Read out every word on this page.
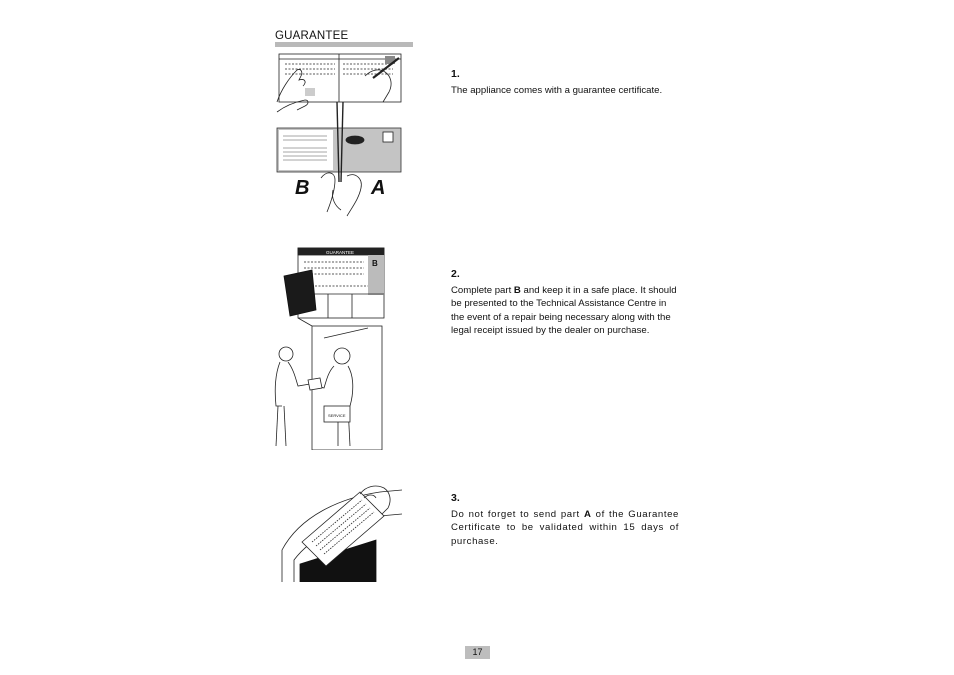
GUARANTEE
B	A
GUARANTEE
B
SERVICE
1.

The appliance comes with a guarantee certificate.

2.

Complete part B and keep it in a safe place. It should be presented to the Technical Assistance Centre in the event of a repair being necessary along with the legal receipt issued by the dealer on purchase.

3.

Do not forget to send part A of the Guarantee Certificate to be validated within 15 days of purchase.

17
